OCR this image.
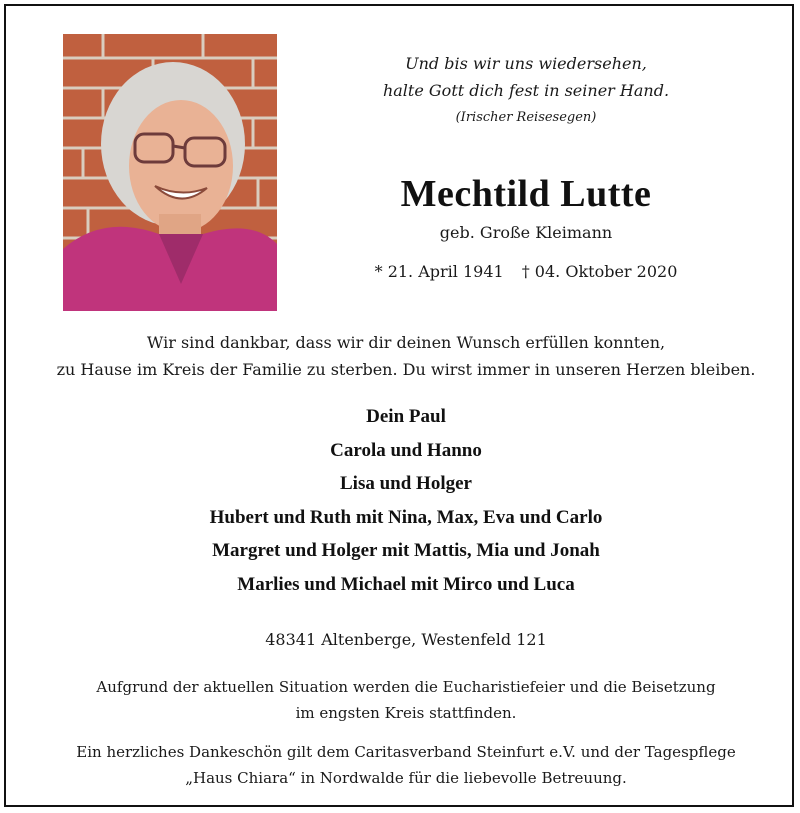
Und bis wir uns wiedersehen,
halte Gott dich fest in seiner Hand.
(Irischer Reisesegen)
Mechtild Lutte
geb. Große Kleimann
* 21. April 1941 † 04. Oktober 2020
Wir sind dankbar, dass wir dir deinen Wunsch erfüllen konnten,
zu Hause im Kreis der Familie zu sterben. Du wirst immer in unseren Herzen bleiben.
Dein Paul
Carola und Hanno
Lisa und Holger
Hubert und Ruth mit Nina, Max, Eva und Carlo
Margret und Holger mit Mattis, Mia und Jonah
Marlies und Michael mit Mirco und Luca
48341 Altenberge, Westenfeld 121
Aufgrund der aktuellen Situation werden die Eucharistiefeier und die Beisetzung
im engsten Kreis stattfinden.
Ein herzliches Dankeschön gilt dem Caritasverband Steinfurt e.V. und der Tagespflege
„Haus Chiara“ in Nordwalde für die liebevolle Betreuung.
